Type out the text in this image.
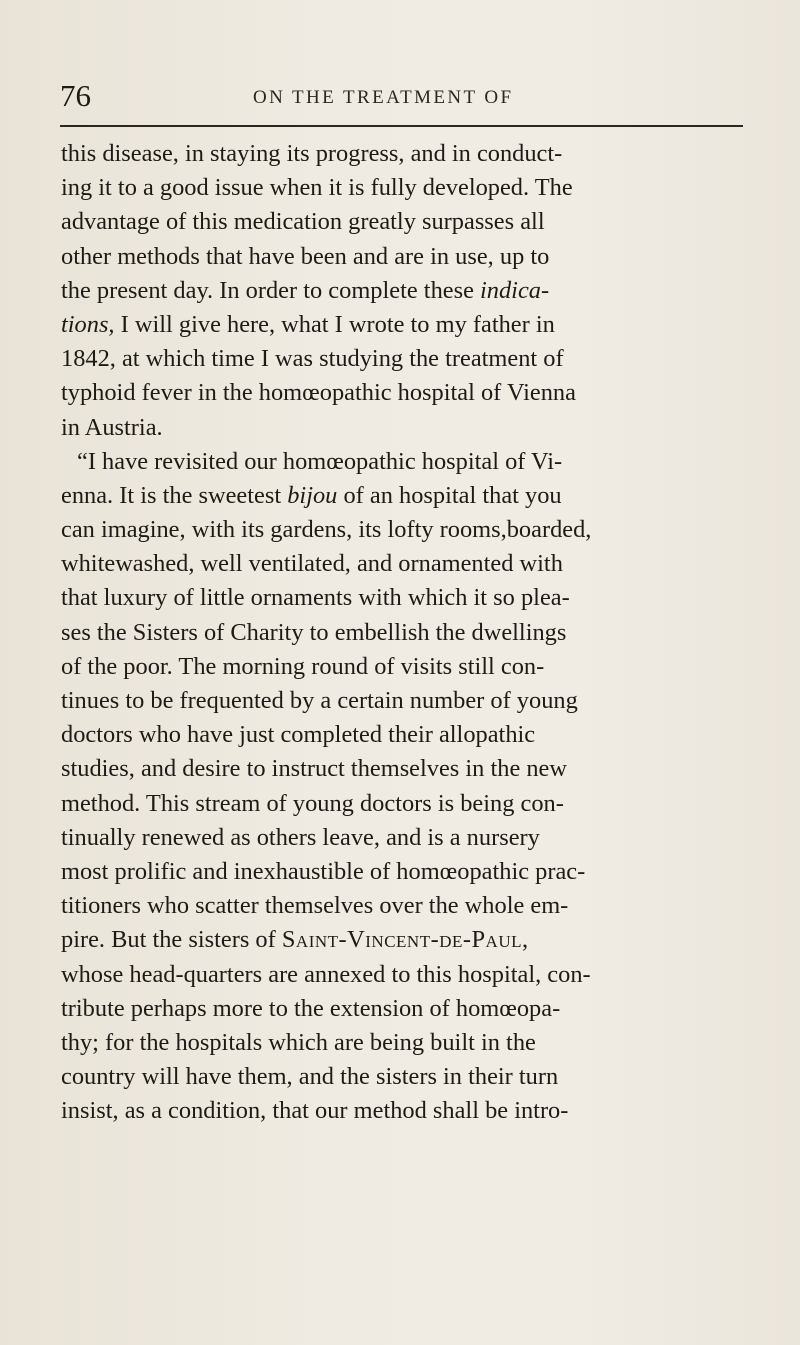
76	ON THE TREATMENT OF
this disease, in staying its progress, and in conduct-
ing it to a good issue when it is fully developed. The
advantage of this medication greatly surpasses all
other methods that have been and are in use, up to
the present day. In order to complete these indica-
tions, I will give here, what I wrote to my father in
1842, at which time I was studying the treatment of
typhoid fever in the homœopathic hospital of Vienna
in Austria.
“I have revisited our homœopathic hospital of Vi-
enna. It is the sweetest bijou of an hospital that you
can imagine, with its gardens, its lofty rooms,boarded,
whitewashed, well ventilated, and ornamented with
that luxury of little ornaments with which it so plea-
ses the Sisters of Charity to embellish the dwellings
of the poor. The morning round of visits still con-
tinues to be frequented by a certain number of young
doctors who have just completed their allopathic
studies, and desire to instruct themselves in the new
method. This stream of young doctors is being con-
tinually renewed as others leave, and is a nursery
most prolific and inexhaustible of homœopathic prac-
titioners who scatter themselves over the whole em-
pire. But the sisters of Saint-Vincent-de-Paul,
whose head-quarters are annexed to this hospital, con-
tribute perhaps more to the extension of homœopa-
thy; for the hospitals which are being built in the
country will have them, and the sisters in their turn
insist, as a condition, that our method shall be intro-
